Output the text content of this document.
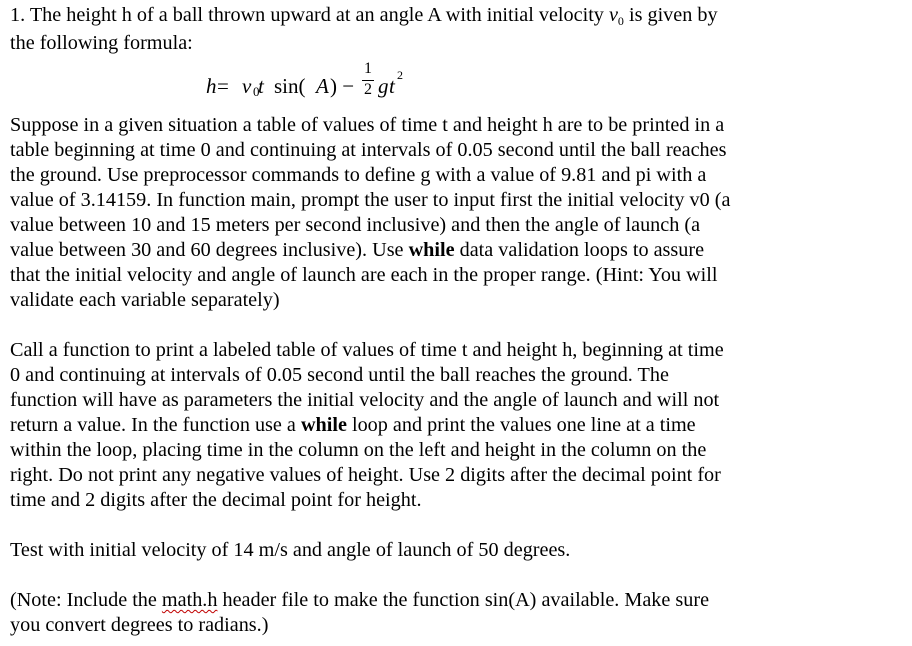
1. The height h of a ball thrown upward at an angle A with initial velocity v0 is given by
the following formula:
h = v 0
t sin( A ) −
1
2 g t 2
Suppose in a given situation a table of values of time t and height h are to be printed in a
table beginning at time 0 and continuing at intervals of 0.05 second until the ball reaches
the ground. Use preprocessor commands to define g with a value of 9.81 and pi with a
value of 3.14159. In function main, prompt the user to input first the initial velocity v0 (a
value between 10 and 15 meters per second inclusive) and then the angle of launch (a
value between 30 and 60 degrees inclusive). Use while data validation loops to assure
that the initial velocity and angle of launch are each in the proper range. (Hint: You will
validate each variable separately)
Call a function to print a labeled table of values of time t and height h, beginning at time
0 and continuing at intervals of 0.05 second until the ball reaches the ground. The
function will have as parameters the initial velocity and the angle of launch and will not
return a value. In the function use a while loop and print the values one line at a time
within the loop, placing time in the column on the left and height in the column on the
right. Do not print any negative values of height. Use 2 digits after the decimal point for
time and 2 digits after the decimal point for height.
Test with initial velocity of 14 m/s and angle of launch of 50 degrees.
(Note: Include the math.h header file to make the function sin(A) available. Make sure
you convert degrees to radians.)
